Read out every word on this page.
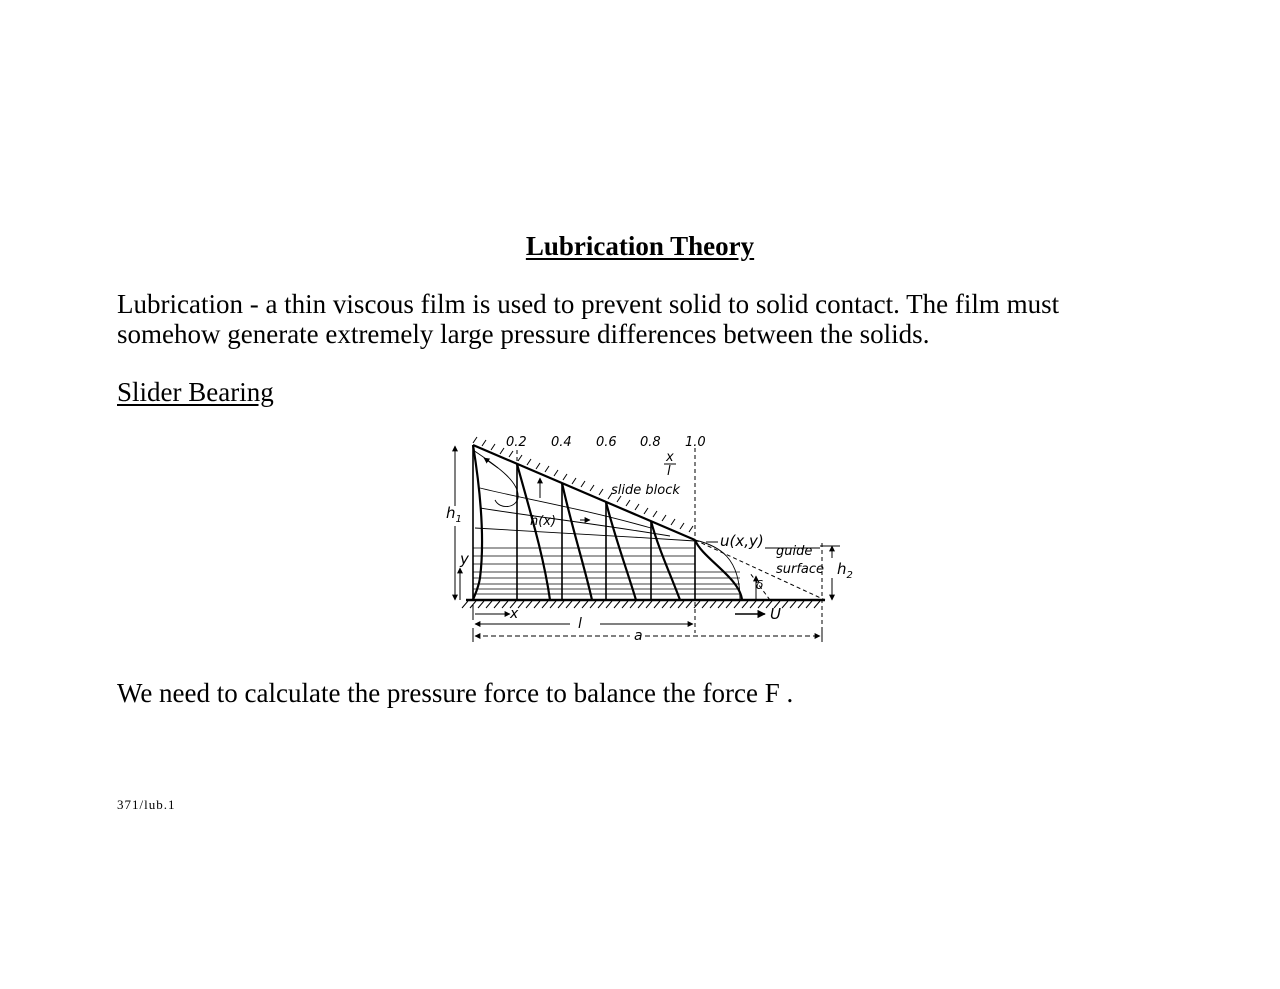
Lubrication Theory

Lubrication - a thin viscous film is used to prevent solid to solid contact. The film must
somehow generate extremely large pressure differences between the solids.

Slider Bearing

0.2 0.4 0.6 0.8 1.0
x
l
slide block
$h_1$	h(x)
u(x,y)
guide
surface $h_2$
δ
y
x
l
a
U

We need to calculate the pressure force to balance the force F .

371/lub.1
